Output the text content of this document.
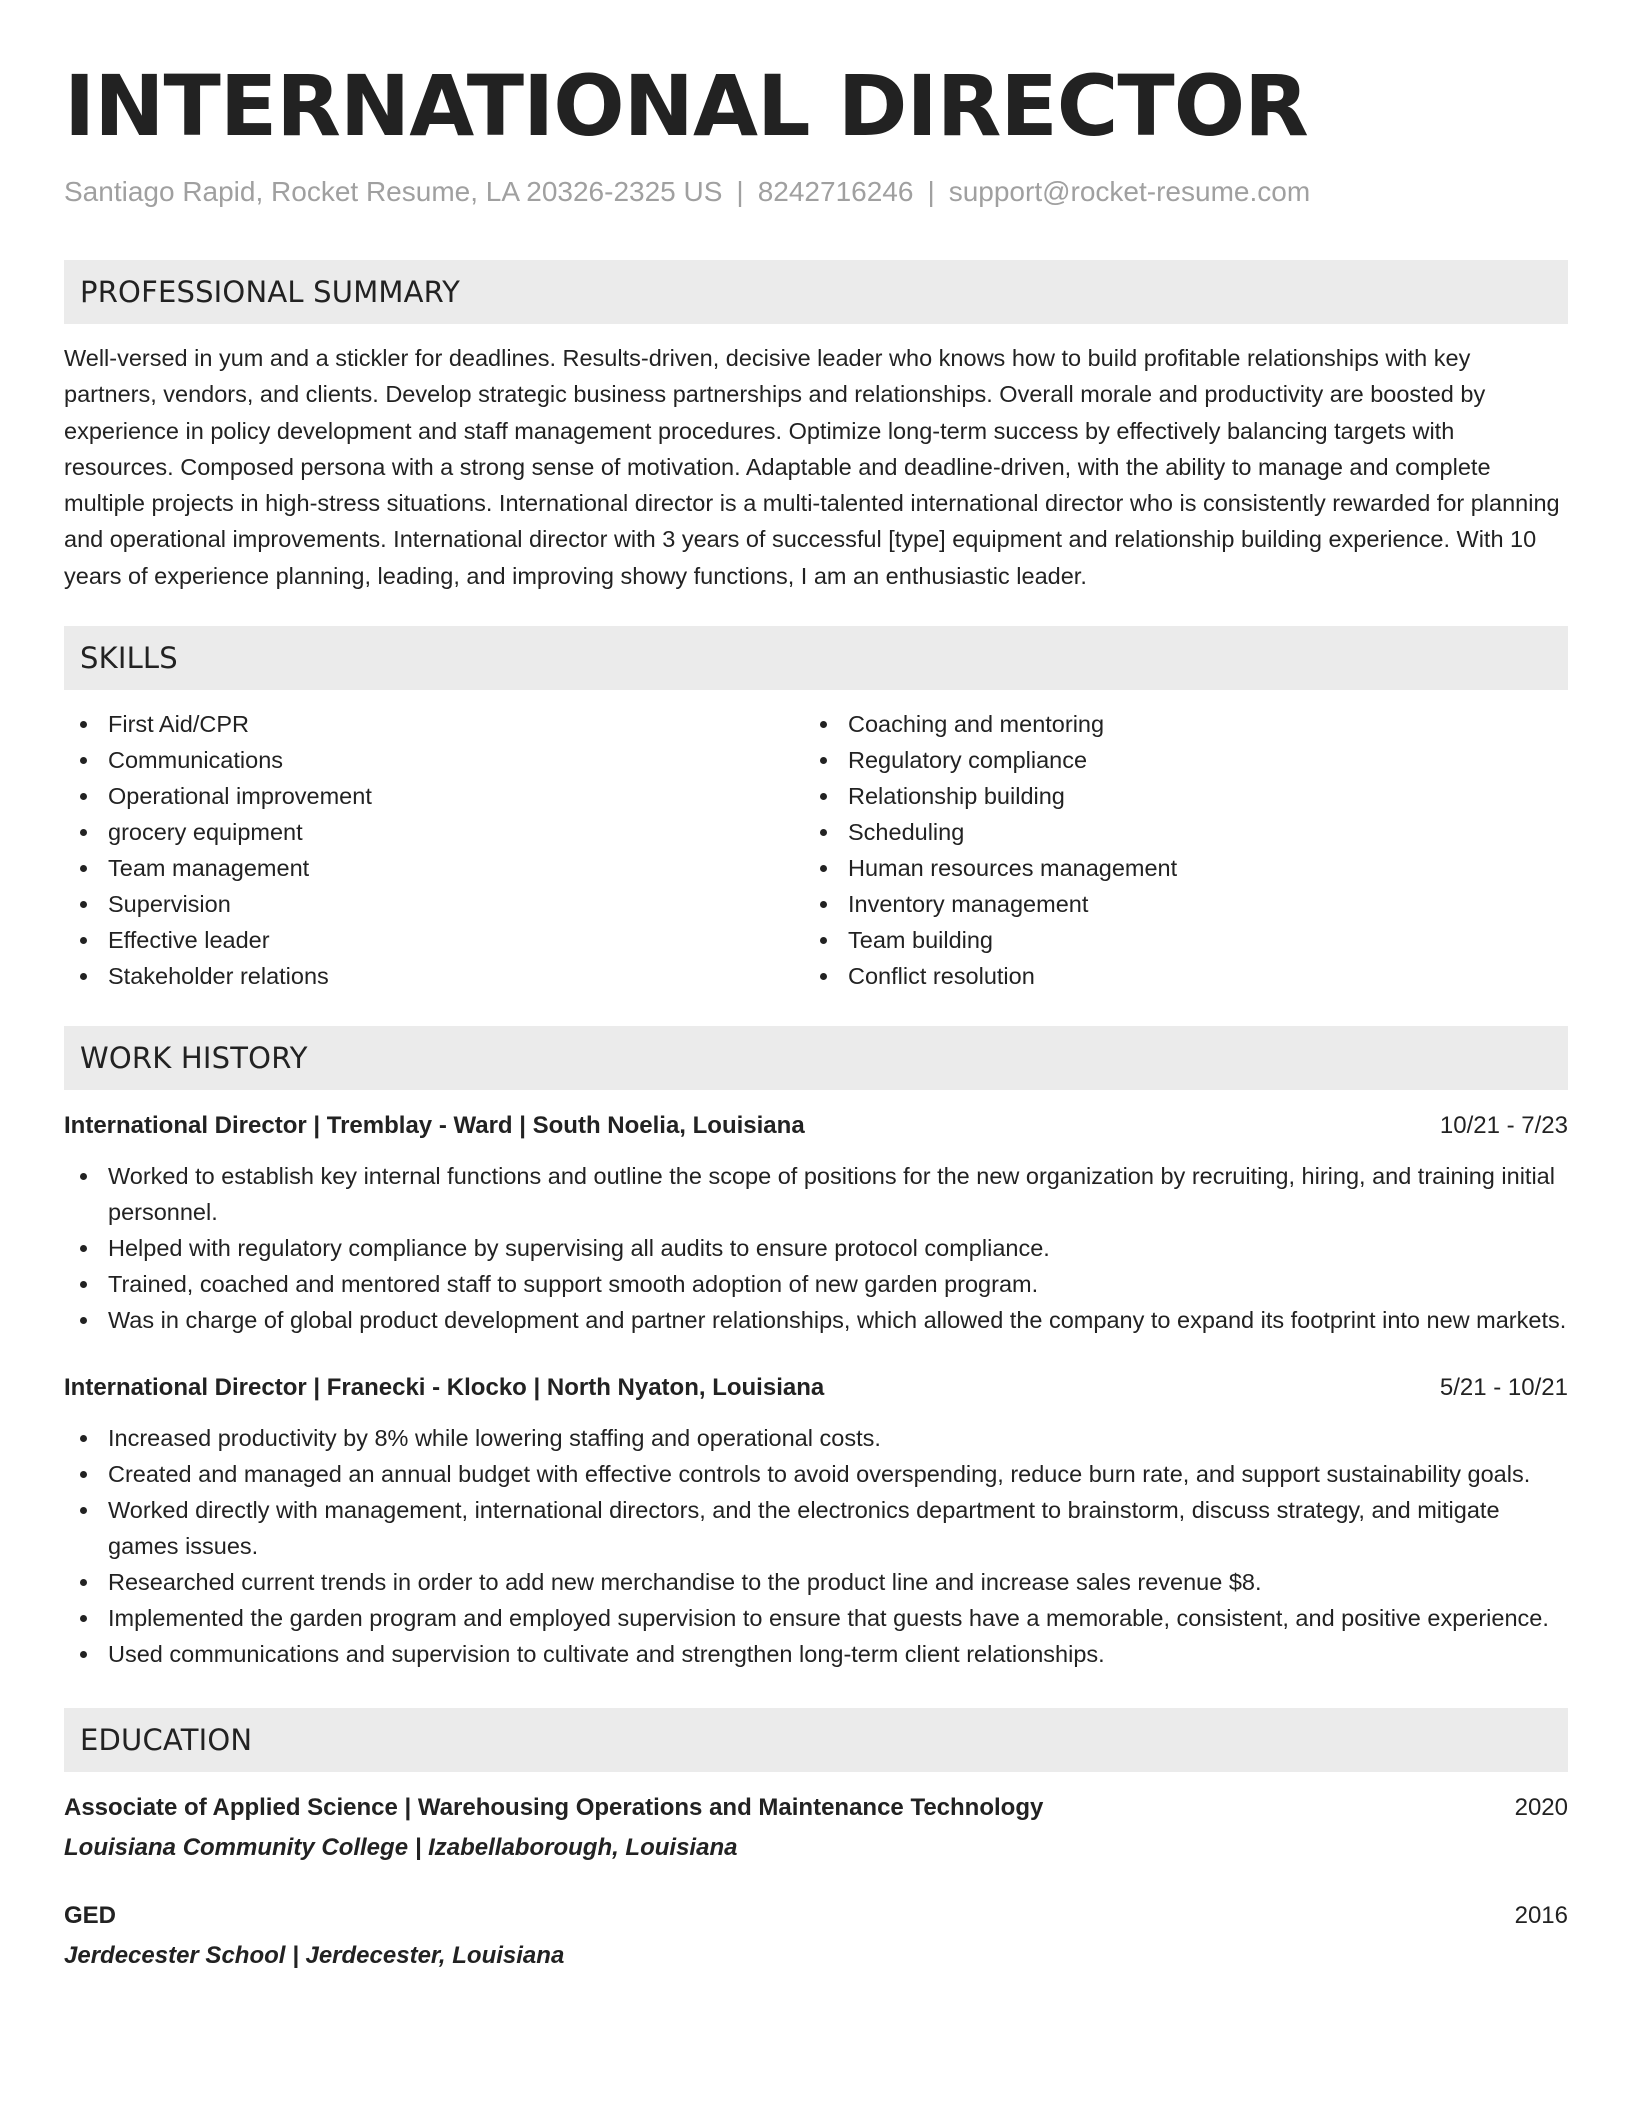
INTERNATIONAL DIRECTOR
Santiago Rapid, Rocket Resume, LA 20326-2325 US | 8242716246 | support@rocket-resume.com
PROFESSIONAL SUMMARY
Well-versed in yum and a stickler for deadlines. Results-driven, decisive leader who knows how to build profitable relationships with key partners, vendors, and clients. Develop strategic business partnerships and relationships. Overall morale and productivity are boosted by experience in policy development and staff management procedures. Optimize long-term success by effectively balancing targets with resources. Composed persona with a strong sense of motivation. Adaptable and deadline-driven, with the ability to manage and complete multiple projects in high-stress situations. International director is a multi-talented international director who is consistently rewarded for planning and operational improvements. International director with 3 years of successful [type] equipment and relationship building experience. With 10 years of experience planning, leading, and improving showy functions, I am an enthusiastic leader.
SKILLS
First Aid/CPR
Communications
Operational improvement
grocery equipment
Team management
Supervision
Effective leader
Stakeholder relations
Coaching and mentoring
Regulatory compliance
Relationship building
Scheduling
Human resources management
Inventory management
Team building
Conflict resolution
WORK HISTORY
International Director | Tremblay - Ward | South Noelia, Louisiana	10/21 - 7/23
Worked to establish key internal functions and outline the scope of positions for the new organization by recruiting, hiring, and training initial personnel.
Helped with regulatory compliance by supervising all audits to ensure protocol compliance.
Trained, coached and mentored staff to support smooth adoption of new garden program.
Was in charge of global product development and partner relationships, which allowed the company to expand its footprint into new markets.
International Director | Franecki - Klocko | North Nyaton, Louisiana	5/21 - 10/21
Increased productivity by 8% while lowering staffing and operational costs.
Created and managed an annual budget with effective controls to avoid overspending, reduce burn rate, and support sustainability goals.
Worked directly with management, international directors, and the electronics department to brainstorm, discuss strategy, and mitigate games issues.
Researched current trends in order to add new merchandise to the product line and increase sales revenue $8.
Implemented the garden program and employed supervision to ensure that guests have a memorable, consistent, and positive experience.
Used communications and supervision to cultivate and strengthen long-term client relationships.
EDUCATION
Associate of Applied Science | Warehousing Operations and Maintenance Technology	2020
Louisiana Community College | Izabellaborough, Louisiana
GED	2016
Jerdecester School | Jerdecester, Louisiana
